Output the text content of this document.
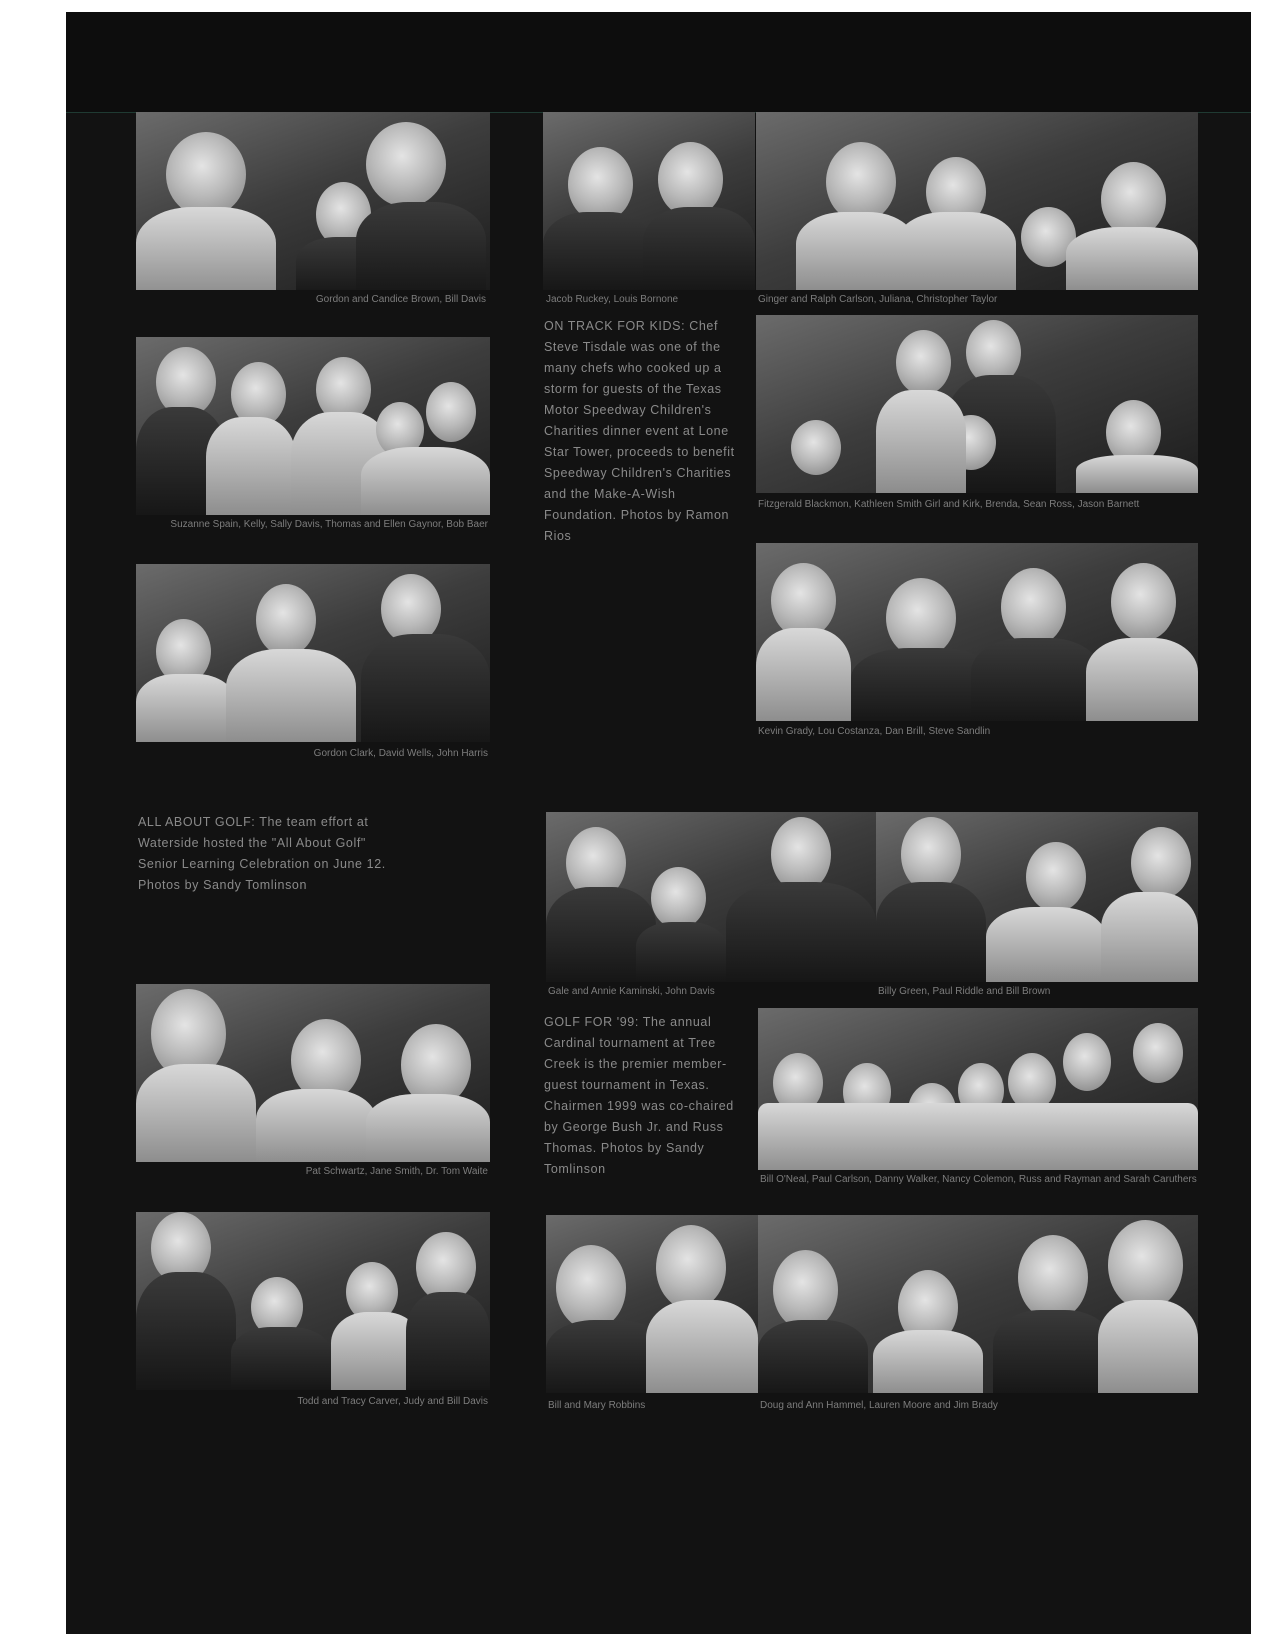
Gordon and Candice Brown, Bill Davis	Jacob Ruckey, Louis Bornone	Ginger and Ralph Carlson, Juliana, Christopher Taylor
ON TRACK FOR KIDS: Chef Steve Tisdale was one of the many chefs who cooked up a storm for guests of the Texas Motor Speedway Children's Charities dinner event at Lone Star Tower, proceeds to benefit Speedway Children's Charities and the Make-A-Wish Foundation. Photos by Ramon Rios
Suzanne Spain, Kelly, Sally Davis, Thomas and Ellen Gaynor, Bob Baer
Fitzgerald Blackmon, Kathleen Smith Girl and Kirk, Brenda, Sean Ross, Jason Barnett
Gordon Clark, David Wells, John Harris
Kevin Grady, Lou Costanza, Dan Brill, Steve Sandlin
ALL ABOUT GOLF: The team effort at Waterside hosted the "All About Golf" Senior Learning Celebration on June 12. Photos by Sandy Tomlinson
Gale and Annie Kaminski, John Davis	Billy Green, Paul Riddle and Bill Brown
Pat Schwartz, Jane Smith, Dr. Tom Waite
GOLF FOR '99: The annual Cardinal tournament at Tree Creek is the premier member-guest tournament in Texas. Chairmen 1999 was co-chaired by George Bush Jr. and Russ Thomas. Photos by Sandy Tomlinson
Bill O'Neal, Paul Carlson, Danny Walker, Nancy Colemon, Russ and Rayman and Sarah Caruthers
Todd and Tracy Carver, Judy and Bill Davis	Bill and Mary Robbins	Doug and Ann Hammel, Lauren Moore and Jim Brady
